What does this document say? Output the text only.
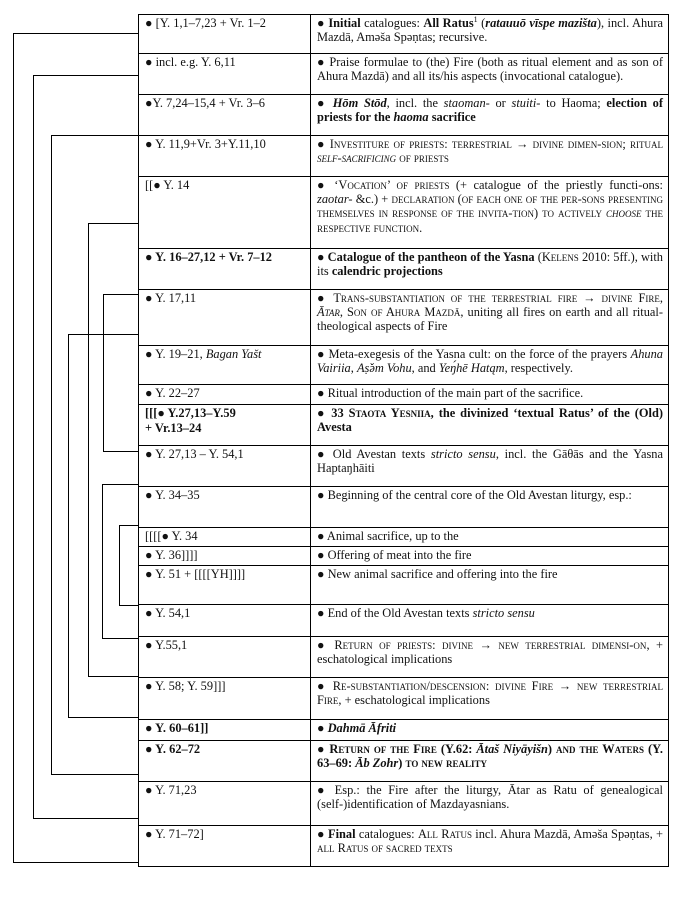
● [Y. 1,1–7,23 + Vr. 1–2	● Initial catalogues: All Ratus$^1$ (ratauuō vīspe mazišta), incl. Ahura Mazdā, Aməša Spəṇtas; recursive.
● incl. e.g. Y. 6,11	● Praise formulae to (the) Fire (both as ritual element and as son of Ahura Mazdā) and all its/his aspects (invocational catalogue).
●Y. 7,24–15,4 + Vr. 3–6	● Hōm Stōd, incl. the staoman- or stuiti- to Haoma; election of priests for the haoma sacrifice
● Y. 11,9+Vr. 3+Y.11,10	● Investiture of priests: terrestrial → divine dimen-sion; ritual self-sacrificing of priests
[[● Y. 14	● ‘Vocation’ of priests (+ catalogue of the priestly functi-ons: zaotar- &c.) + declaration (of each one of the per-sons presenting themselves in response of the invita-tion) to actively choose the respective function.
● Y. 16–27,12 + Vr. 7–12	● Catalogue of the pantheon of the Yasna (Kelens 2010: 5ff.), with its calendric projections
● Y. 17,11	● Trans-substantiation of the terrestrial fire → divine Fire, Ātar, Son of Ahura Mazdā, uniting all fires on earth and all ritual-theological aspects of Fire
● Y. 19–21, Bagan Yašt	● Meta-exegesis of the Yasna cult: on the force of the prayers Ahuna Vairiia, Aṣ̌əm Vohu, and Yeŋ́hē Hatąm, respectively.
● Y. 22–27	● Ritual introduction of the main part of the sacrifice.
[[[● Y.27,13–Y.59
+ Vr.13–24	● 33 Staota Yesniia, the divinized ‘textual Ratus’ of the (Old) Avesta
● Y. 27,13 – Y. 54,1	● Old Avestan texts stricto sensu, incl. the Gāθās and the Yasna Haptaŋhāiti
● Y. 34–35	● Beginning of the central core of the Old Avestan liturgy, esp.:
[[[[● Y. 34	● Animal sacrifice, up to the
● Y. 36]]]]	● Offering of meat into the fire
● Y. 51 + [[[[YH]]]]	● New animal sacrifice and offering into the fire
● Y. 54,1	● End of the Old Avestan texts stricto sensu
● Y.55,1	● Return of priests: divine → new terrestrial dimensi-on, + eschatological implications
● Y. 58; Y. 59]]]	● Re-substantiation/descension: divine Fire → new terrestrial Fire, + eschatological implications
● Y. 60–61]]	● Dahmā Āfriti
● Y. 62–72	● Return of the Fire (Y.62: Ātaš Niyāyišn) and the Waters (Y. 63–69: Āb Zohr) to new reality
● Y. 71,23	● Esp.: the Fire after the liturgy, Ātar as Ratu of genealogical (self-)identification of Mazdayasnians.
● Y. 71–72]	● Final catalogues: All Ratus incl. Ahura Mazdā, Aməša Spəṇtas, + all Ratus of sacred texts
